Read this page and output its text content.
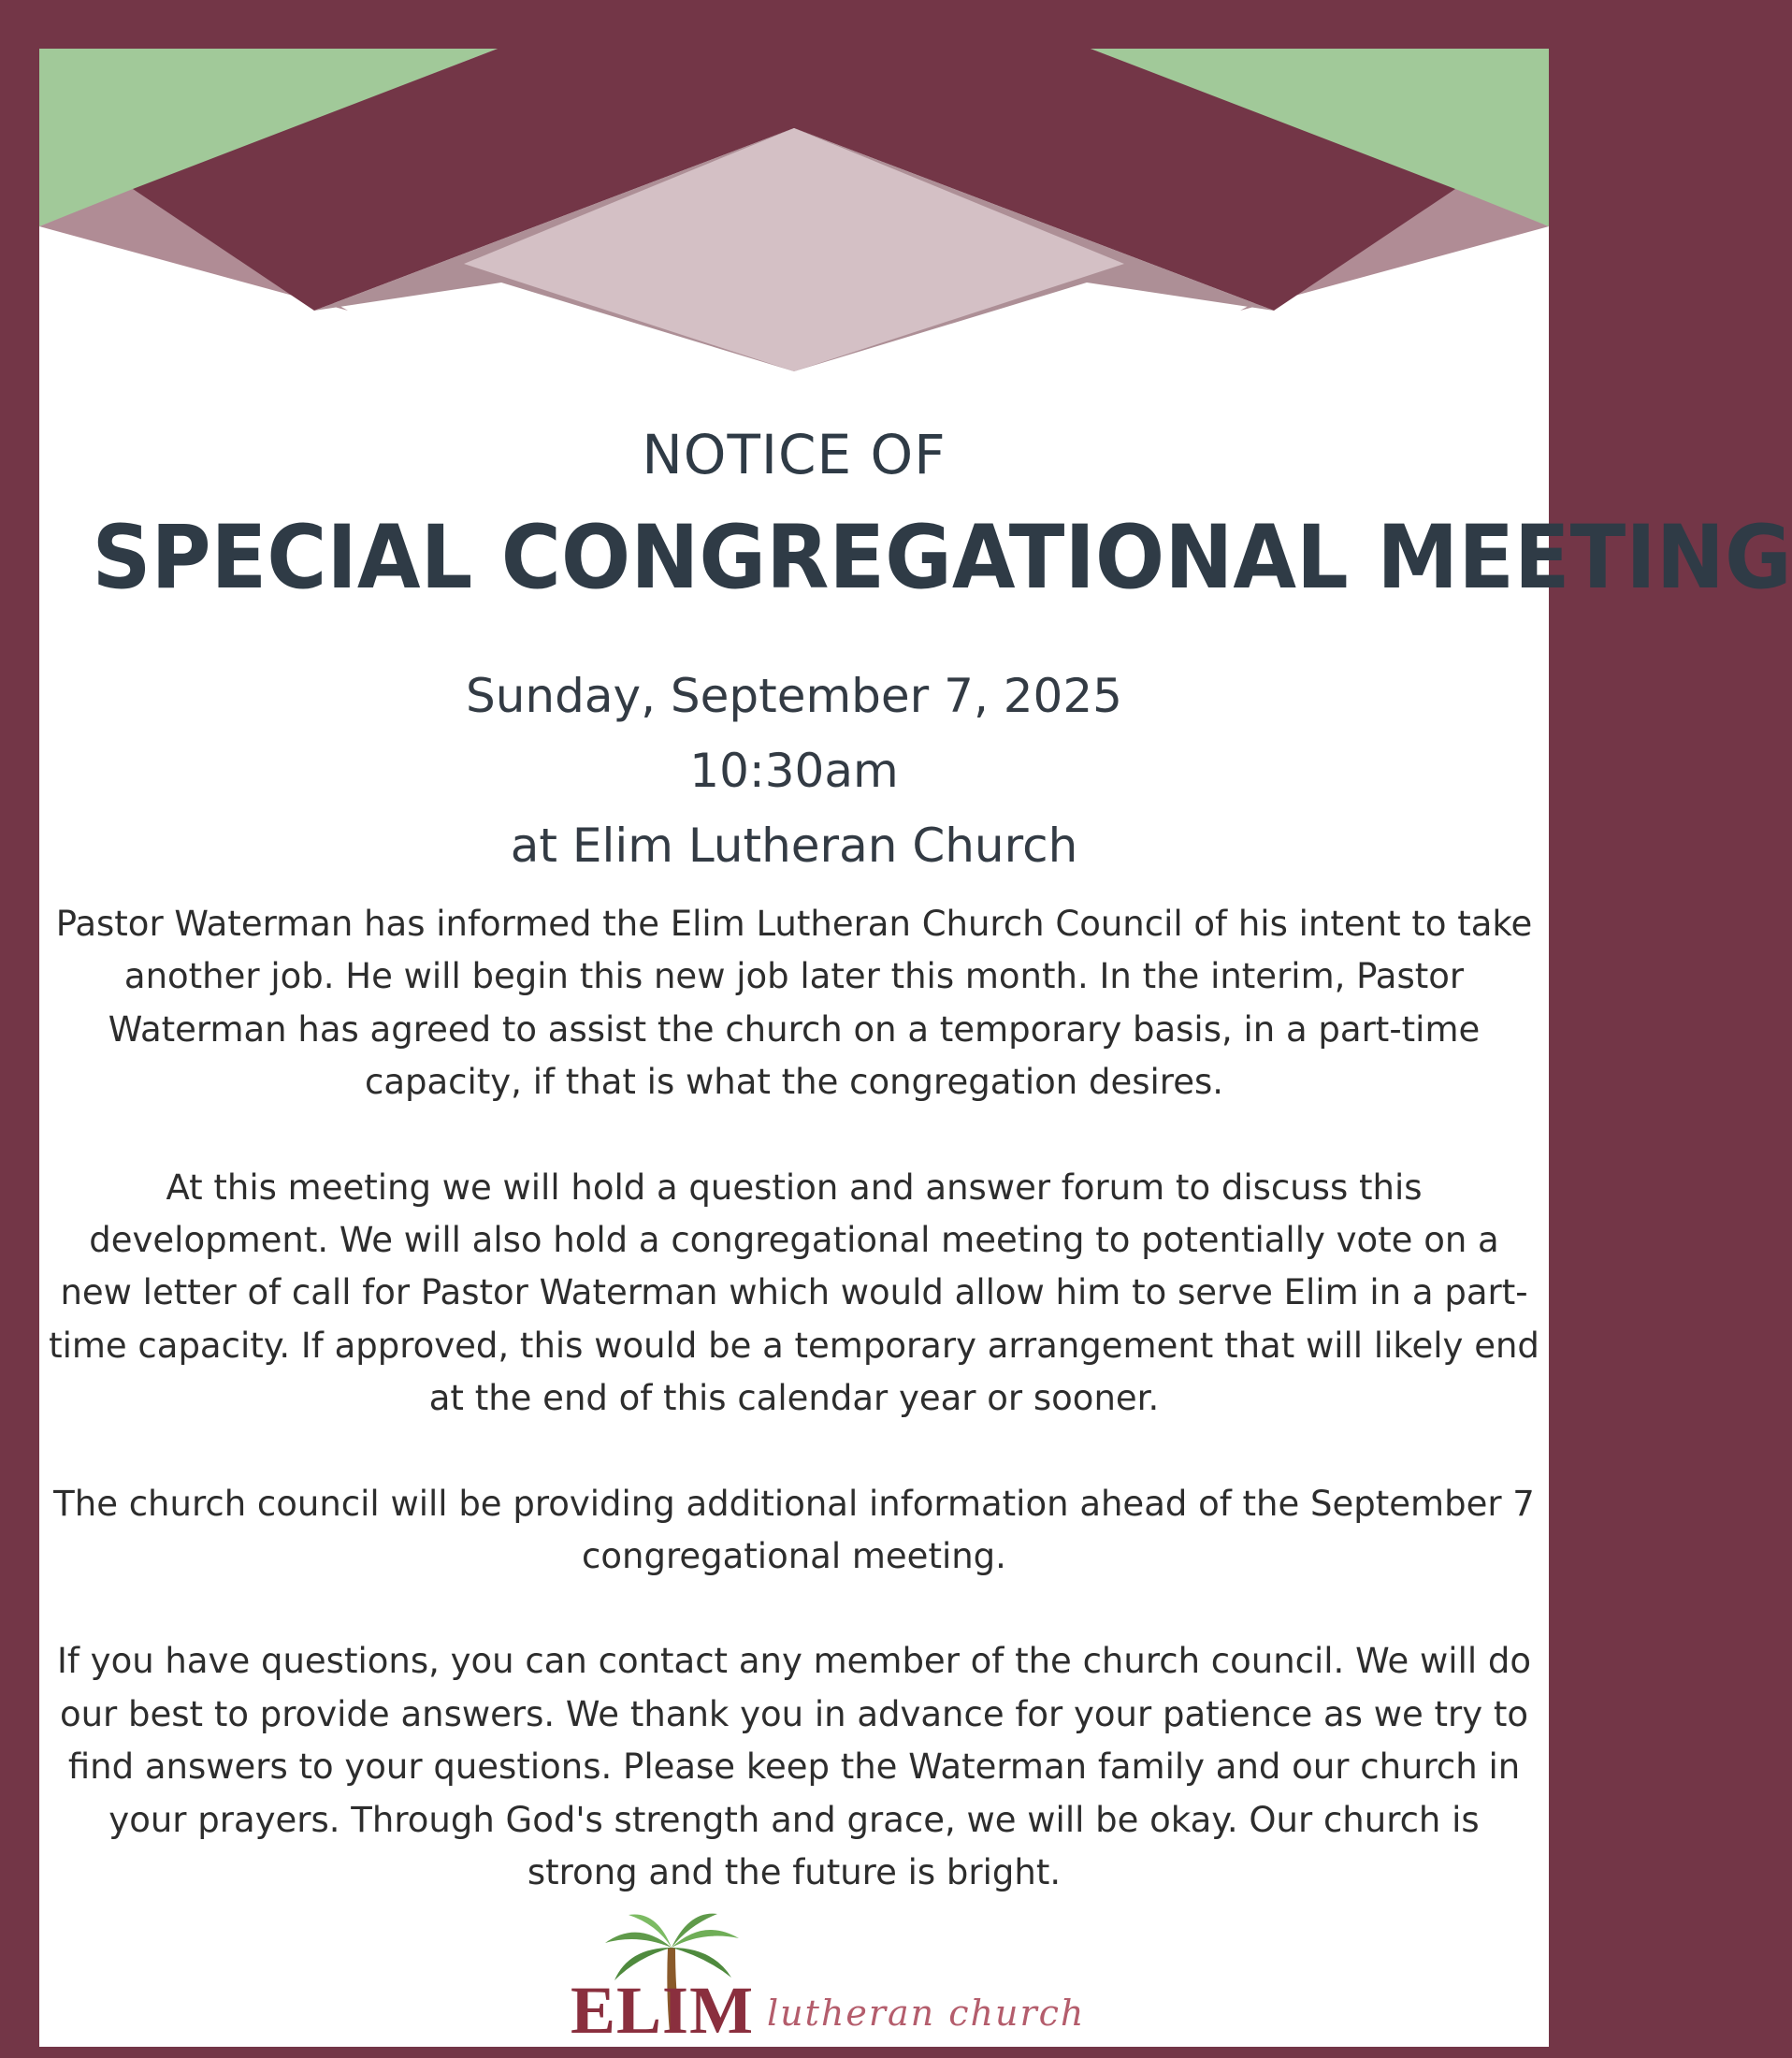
NOTICE OF
SPECIAL CONGREGATIONAL MEETING
Sunday, September 7, 2025
10:30am
at Elim Lutheran Church

Pastor Waterman has informed the Elim Lutheran Church Council of his intent to take another job. He will begin this new job later this month. In the interim, Pastor Waterman has agreed to assist the church on a temporary basis, in a part-time capacity, if that is what the congregation desires.

At this meeting we will hold a question and answer forum to discuss this development. We will also hold a congregational meeting to potentially vote on a new letter of call for Pastor Waterman which would allow him to serve Elim in a part-time capacity. If approved, this would be a temporary arrangement that will likely end at the end of this calendar year or sooner.

The church council will be providing additional information ahead of the September 7 congregational meeting.

If you have questions, you can contact any member of the church council. We will do our best to provide answers. We thank you in advance for your patience as we try to find answers to your questions. Please keep the Waterman family and our church in your prayers. Through God's strength and grace, we will be okay. Our church is strong and the future is bright.

ELIM lutheran church
